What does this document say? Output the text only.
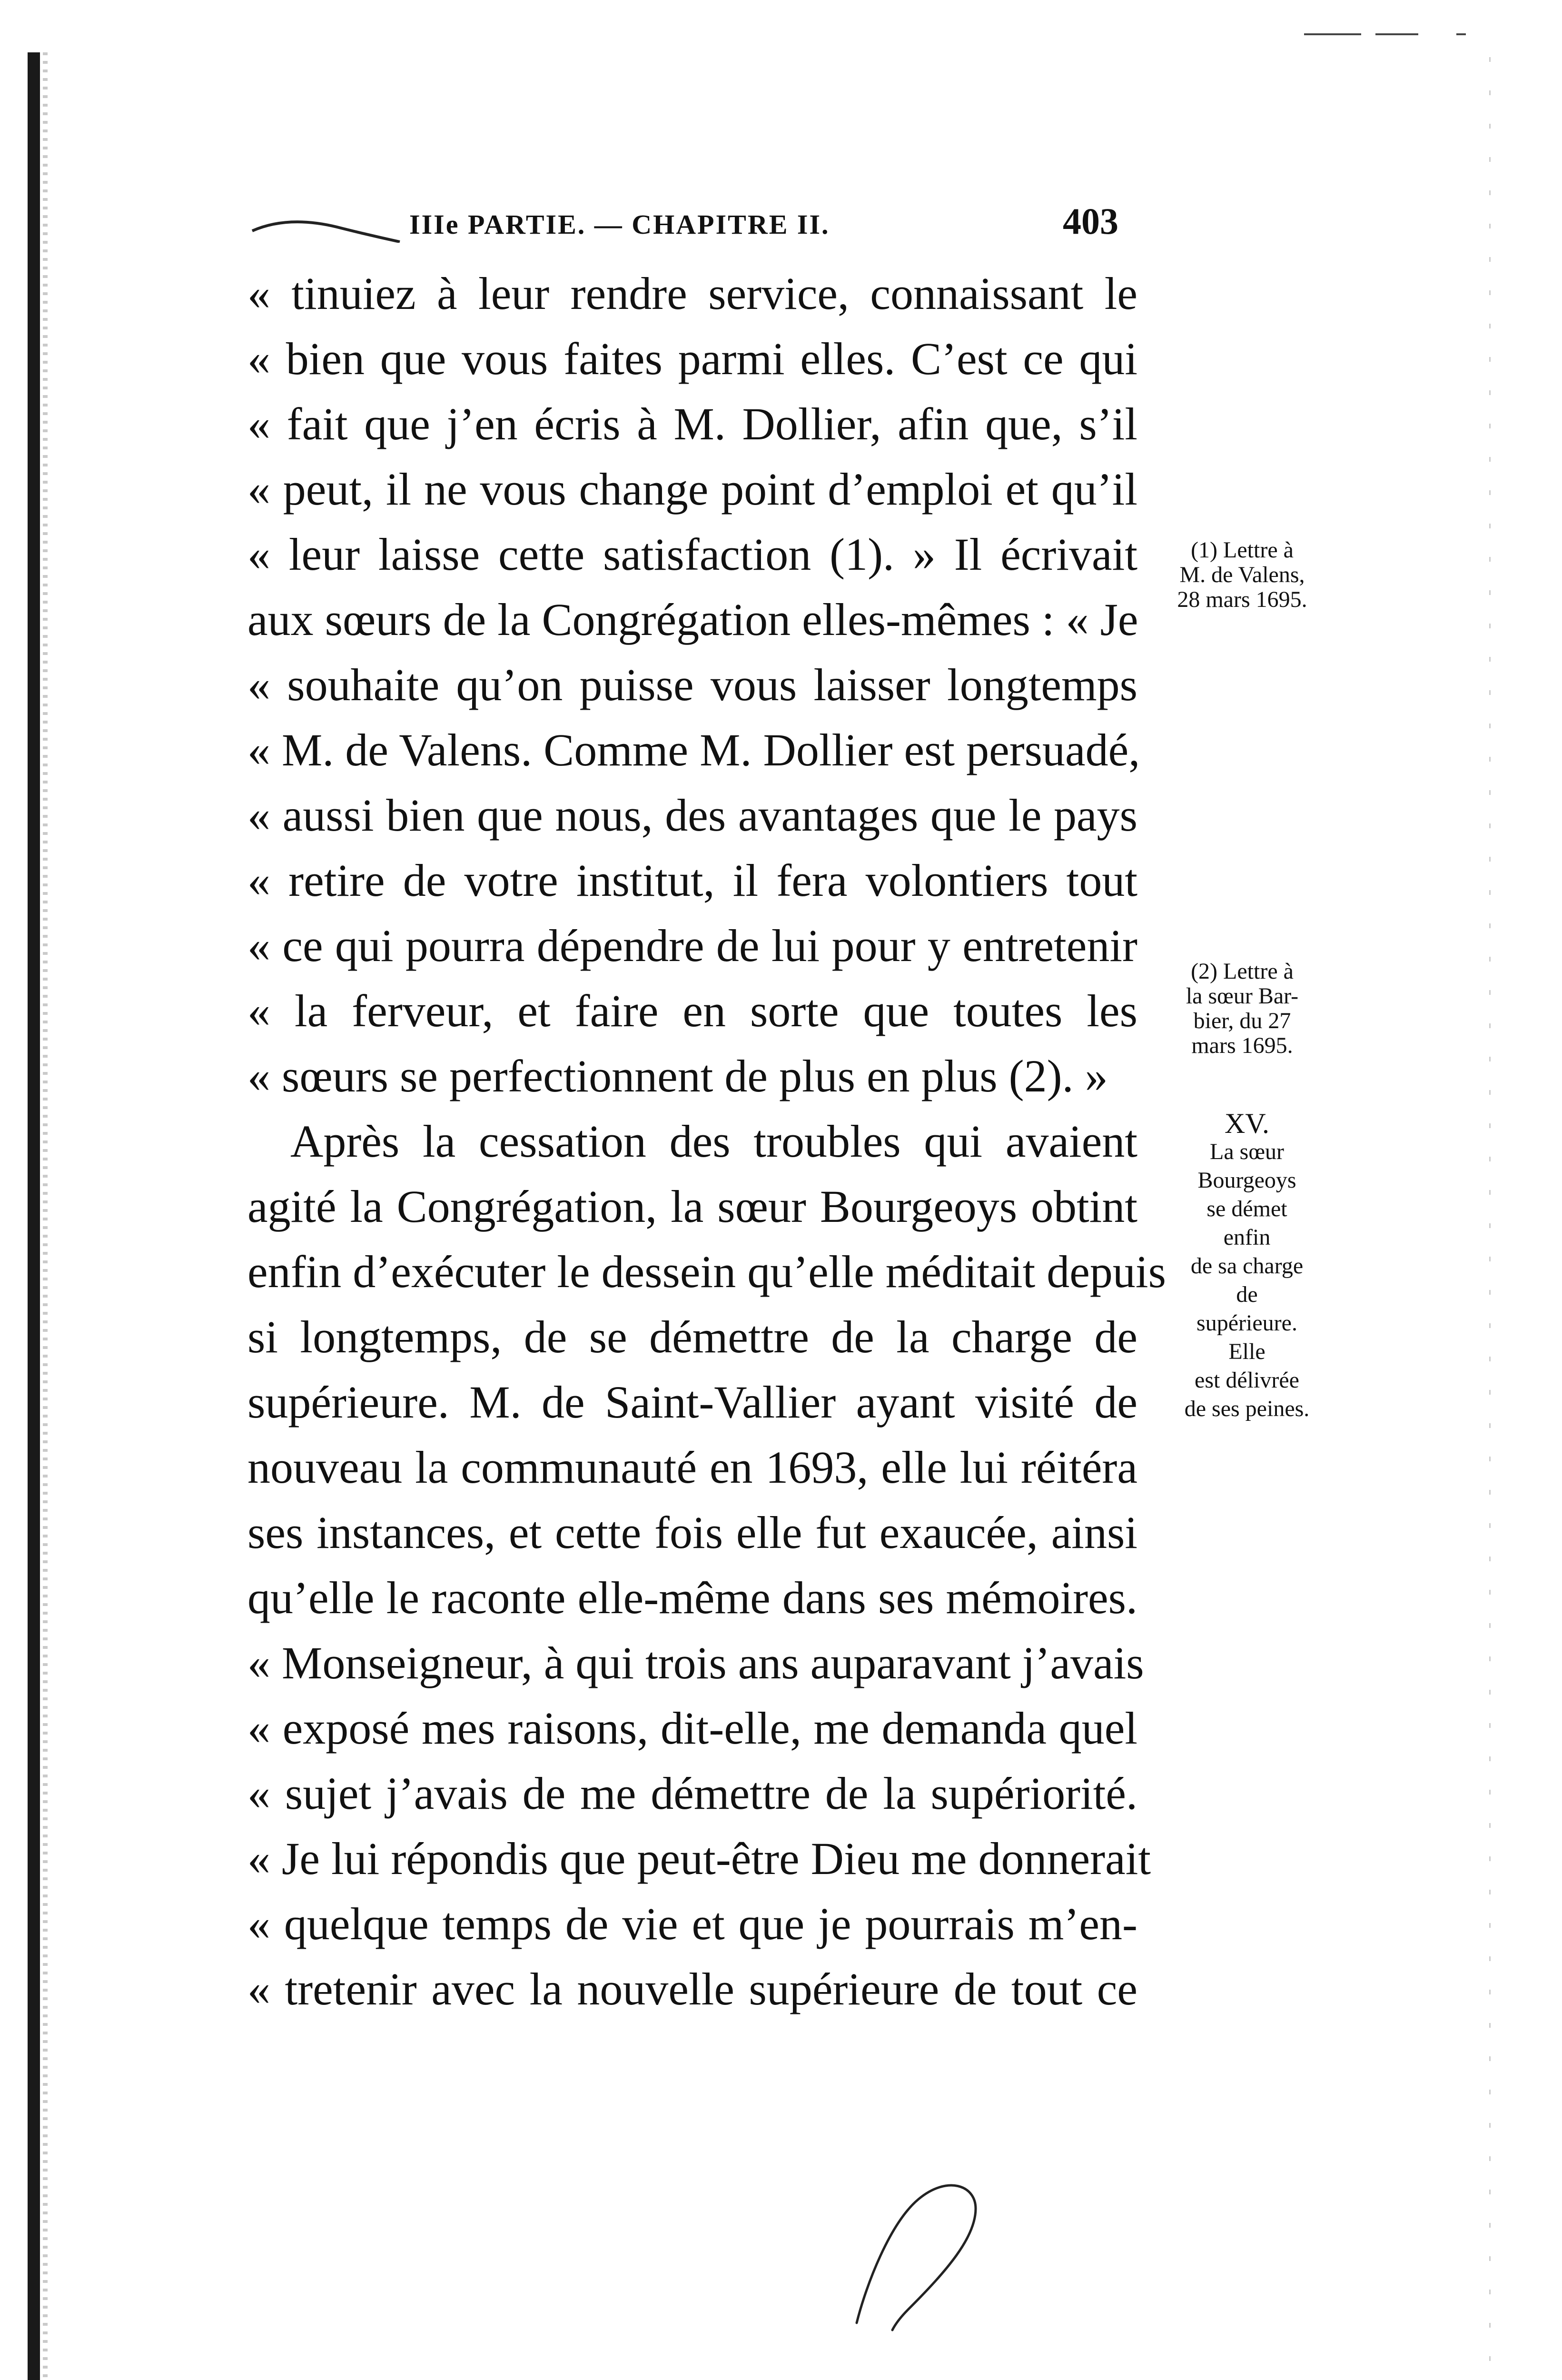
IIIe PARTIE. — CHAPITRE II.	403
« tinuiez à leur rendre service, connaissant le
« bien que vous faites parmi elles. C’est ce qui
« fait que j’en écris à M. Dollier, afin que, s’il
« peut, il ne vous change point d’emploi et qu’il
« leur laisse cette satisfaction (1). » Il écrivait
aux sœurs de la Congrégation elles-mêmes : « Je
« souhaite qu’on puisse vous laisser longtemps
« M. de Valens. Comme M. Dollier est persuadé,
« aussi bien que nous, des avantages que le pays
« retire de votre institut, il fera volontiers tout
« ce qui pourra dépendre de lui pour y entretenir
« la ferveur, et faire en sorte que toutes les
« sœurs se perfectionnent de plus en plus (2). »
Après la cessation des troubles qui avaient
agité la Congrégation, la sœur Bourgeoys obtint
enfin d’exécuter le dessein qu’elle méditait depuis
si longtemps, de se démettre de la charge de
supérieure. M. de Saint-Vallier ayant visité de
nouveau la communauté en 1693, elle lui réitéra
ses instances, et cette fois elle fut exaucée, ainsi
qu’elle le raconte elle-même dans ses mémoires.
« Monseigneur, à qui trois ans auparavant j’avais
« exposé mes raisons, dit-elle, me demanda quel
« sujet j’avais de me démettre de la supériorité.
« Je lui répondis que peut-être Dieu me donnerait
« quelque temps de vie et que je pourrais m’en-
« tretenir avec la nouvelle supérieure de tout ce
(1) Lettre à
M. de Valens,
28 mars 1695.
(2) Lettre à
la sœur Bar-
bier, du 27
mars 1695.
XV.
La sœur
Bourgeoys
se démet
enfin
de sa charge
de
supérieure.
Elle
est délivrée
de ses peines.
